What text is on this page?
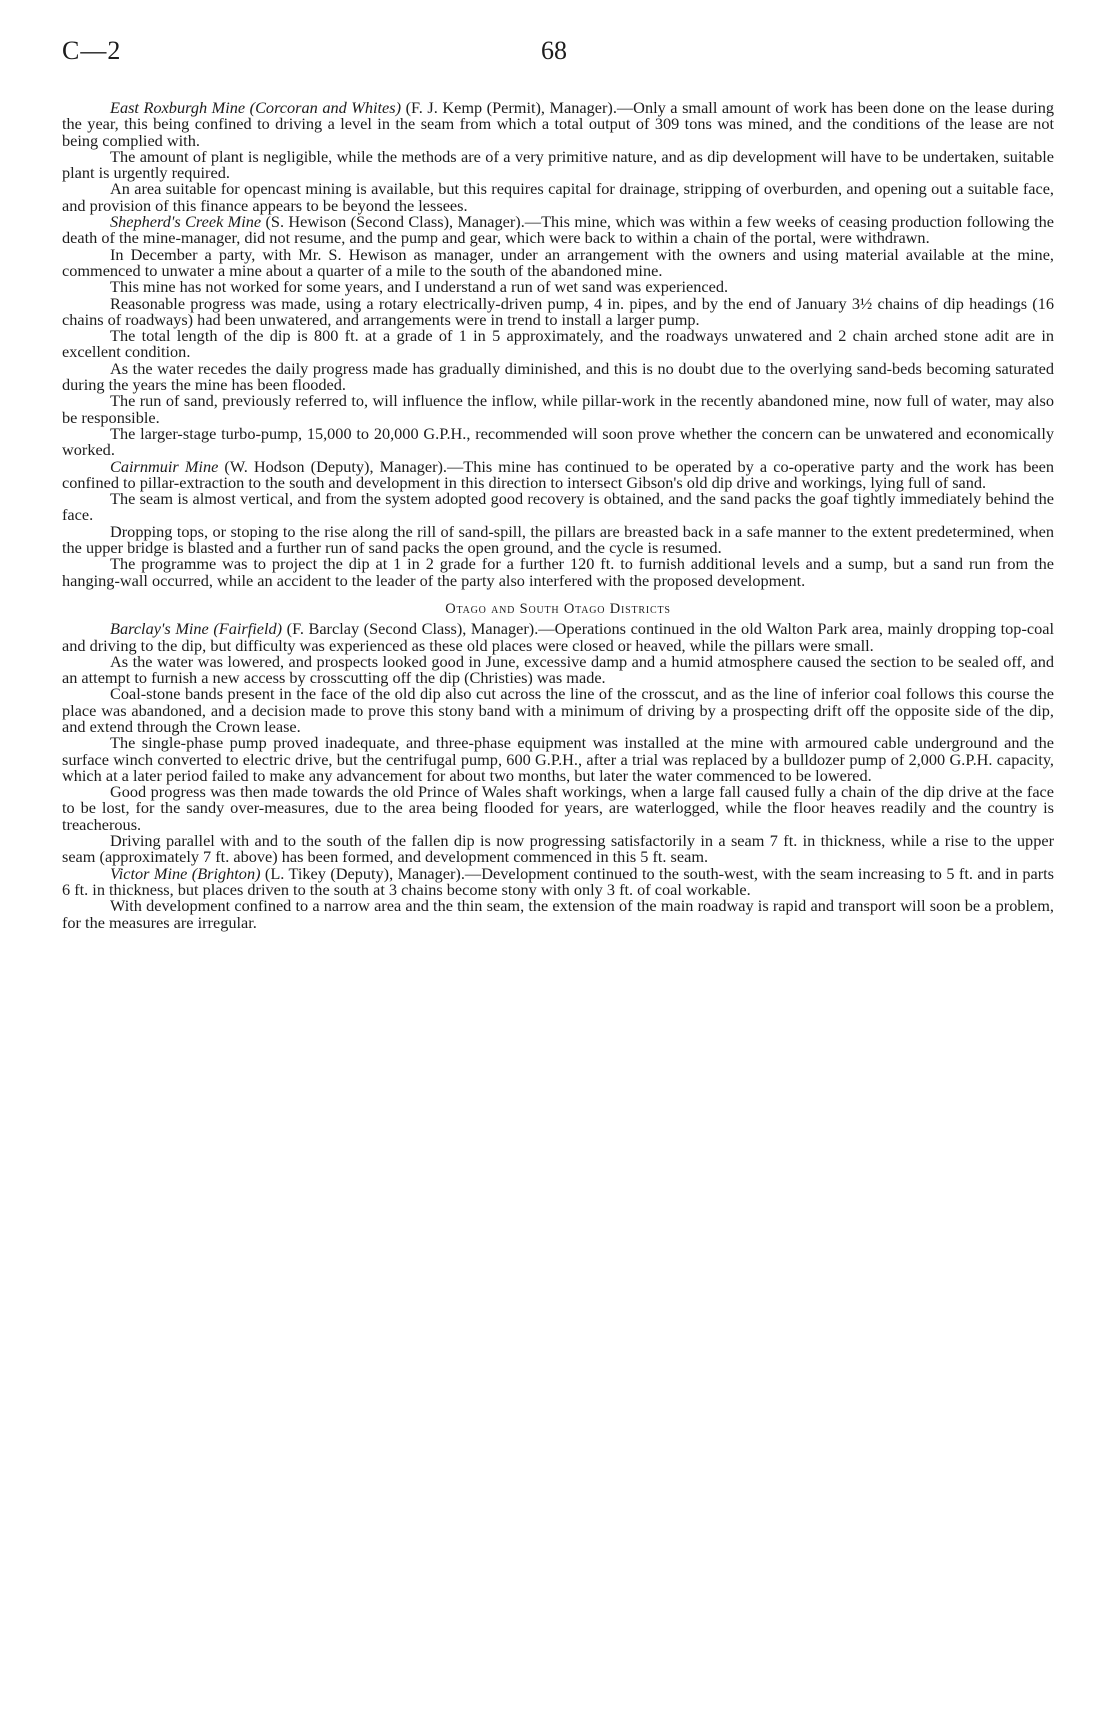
C—2	68

East Roxburgh Mine (Corcoran and Whites) (F. J. Kemp (Permit), Manager).—Only a small amount of work has been done on the lease during the year, this being confined to driving a level in the seam from which a total output of 309 tons was mined, and the conditions of the lease are not being complied with.

The amount of plant is negligible, while the methods are of a very primitive nature, and as dip development will have to be undertaken, suitable plant is urgently required.

An area suitable for opencast mining is available, but this requires capital for drainage, stripping of overburden, and opening out a suitable face, and provision of this finance appears to be beyond the lessees.

Shepherd's Creek Mine (S. Hewison (Second Class), Manager).—This mine, which was within a few weeks of ceasing production following the death of the mine-manager, did not resume, and the pump and gear, which were back to within a chain of the portal, were withdrawn.

In December a party, with Mr. S. Hewison as manager, under an arrangement with the owners and using material available at the mine, commenced to unwater a mine about a quarter of a mile to the south of the abandoned mine.

This mine has not worked for some years, and I understand a run of wet sand was experienced.

Reasonable progress was made, using a rotary electrically-driven pump, 4 in. pipes, and by the end of January 3½ chains of dip headings (16 chains of roadways) had been unwatered, and arrangements were in trend to install a larger pump.

The total length of the dip is 800 ft. at a grade of 1 in 5 approximately, and the roadways unwatered and 2 chain arched stone adit are in excellent condition.

As the water recedes the daily progress made has gradually diminished, and this is no doubt due to the overlying sand-beds becoming saturated during the years the mine has been flooded.

The run of sand, previously referred to, will influence the inflow, while pillar-work in the recently abandoned mine, now full of water, may also be responsible.

The larger-stage turbo-pump, 15,000 to 20,000 G.P.H., recommended will soon prove whether the concern can be unwatered and economically worked.

Cairnmuir Mine (W. Hodson (Deputy), Manager).—This mine has continued to be operated by a co-operative party and the work has been confined to pillar-extraction to the south and development in this direction to intersect Gibson's old dip drive and workings, lying full of sand.

The seam is almost vertical, and from the system adopted good recovery is obtained, and the sand packs the goaf tightly immediately behind the face.

Dropping tops, or stoping to the rise along the rill of sand-spill, the pillars are breasted back in a safe manner to the extent predetermined, when the upper bridge is blasted and a further run of sand packs the open ground, and the cycle is resumed.

The programme was to project the dip at 1 in 2 grade for a further 120 ft. to furnish additional levels and a sump, but a sand run from the hanging-wall occurred, while an accident to the leader of the party also interfered with the proposed development.

Otago and South Otago Districts

Barclay's Mine (Fairfield) (F. Barclay (Second Class), Manager).—Operations continued in the old Walton Park area, mainly dropping top-coal and driving to the dip, but difficulty was experienced as these old places were closed or heaved, while the pillars were small.

As the water was lowered, and prospects looked good in June, excessive damp and a humid atmosphere caused the section to be sealed off, and an attempt to furnish a new access by crosscutting off the dip (Christies) was made.

Coal-stone bands present in the face of the old dip also cut across the line of the crosscut, and as the line of inferior coal follows this course the place was abandoned, and a decision made to prove this stony band with a minimum of driving by a prospecting drift off the opposite side of the dip, and extend through the Crown lease.

The single-phase pump proved inadequate, and three-phase equipment was installed at the mine with armoured cable underground and the surface winch converted to electric drive, but the centrifugal pump, 600 G.P.H., after a trial was replaced by a bulldozer pump of 2,000 G.P.H. capacity, which at a later period failed to make any advancement for about two months, but later the water commenced to be lowered.

Good progress was then made towards the old Prince of Wales shaft workings, when a large fall caused fully a chain of the dip drive at the face to be lost, for the sandy over-measures, due to the area being flooded for years, are waterlogged, while the floor heaves readily and the country is treacherous.

Driving parallel with and to the south of the fallen dip is now progressing satisfactorily in a seam 7 ft. in thickness, while a rise to the upper seam (approximately 7 ft. above) has been formed, and development commenced in this 5 ft. seam.

Victor Mine (Brighton) (L. Tikey (Deputy), Manager).—Development continued to the south-west, with the seam increasing to 5 ft. and in parts 6 ft. in thickness, but places driven to the south at 3 chains become stony with only 3 ft. of coal workable.

With development confined to a narrow area and the thin seam, the extension of the main roadway is rapid and transport will soon be a problem, for the measures are irregular.
